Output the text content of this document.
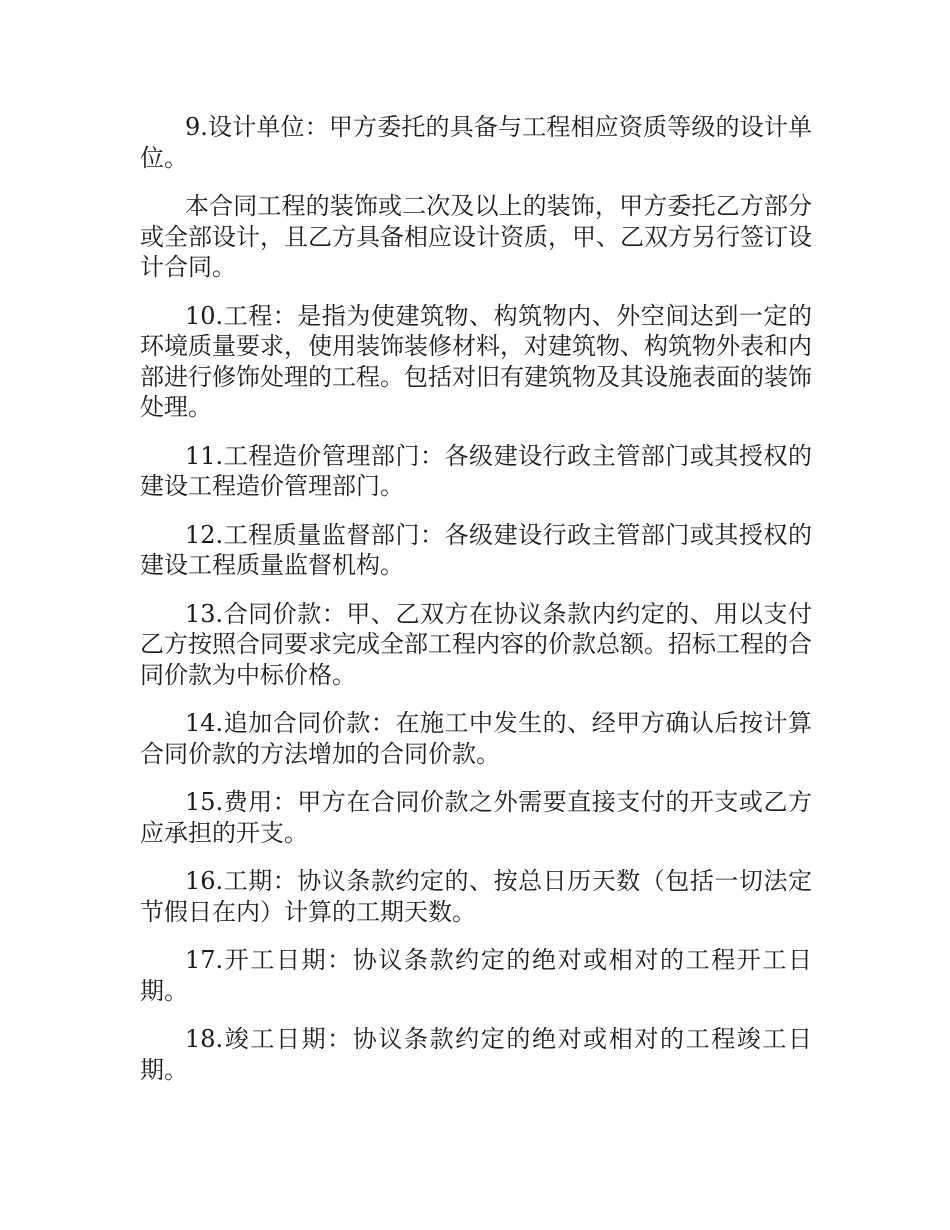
9.设计单位：甲方委托的具备与工程相应资质等级的设计单位。

本合同工程的装饰或二次及以上的装饰，甲方委托乙方部分或全部设计，且乙方具备相应设计资质，甲、乙双方另行签订设计合同。

10.工程：是指为使建筑物、构筑物内、外空间达到一定的环境质量要求，使用装饰装修材料，对建筑物、构筑物外表和内部进行修饰处理的工程。包括对旧有建筑物及其设施表面的装饰处理。

11.工程造价管理部门：各级建设行政主管部门或其授权的建设工程造价管理部门。

12.工程质量监督部门：各级建设行政主管部门或其授权的建设工程质量监督机构。

13.合同价款：甲、乙双方在协议条款内约定的、用以支付乙方按照合同要求完成全部工程内容的价款总额。招标工程的合同价款为中标价格。

14.追加合同价款：在施工中发生的、经甲方确认后按计算合同价款的方法增加的合同价款。

15.费用：甲方在合同价款之外需要直接支付的开支或乙方应承担的开支。

16.工期：协议条款约定的、按总日历天数（包括一切法定节假日在内）计算的工期天数。

17.开工日期：协议条款约定的绝对或相对的工程开工日期。

18.竣工日期：协议条款约定的绝对或相对的工程竣工日期。
